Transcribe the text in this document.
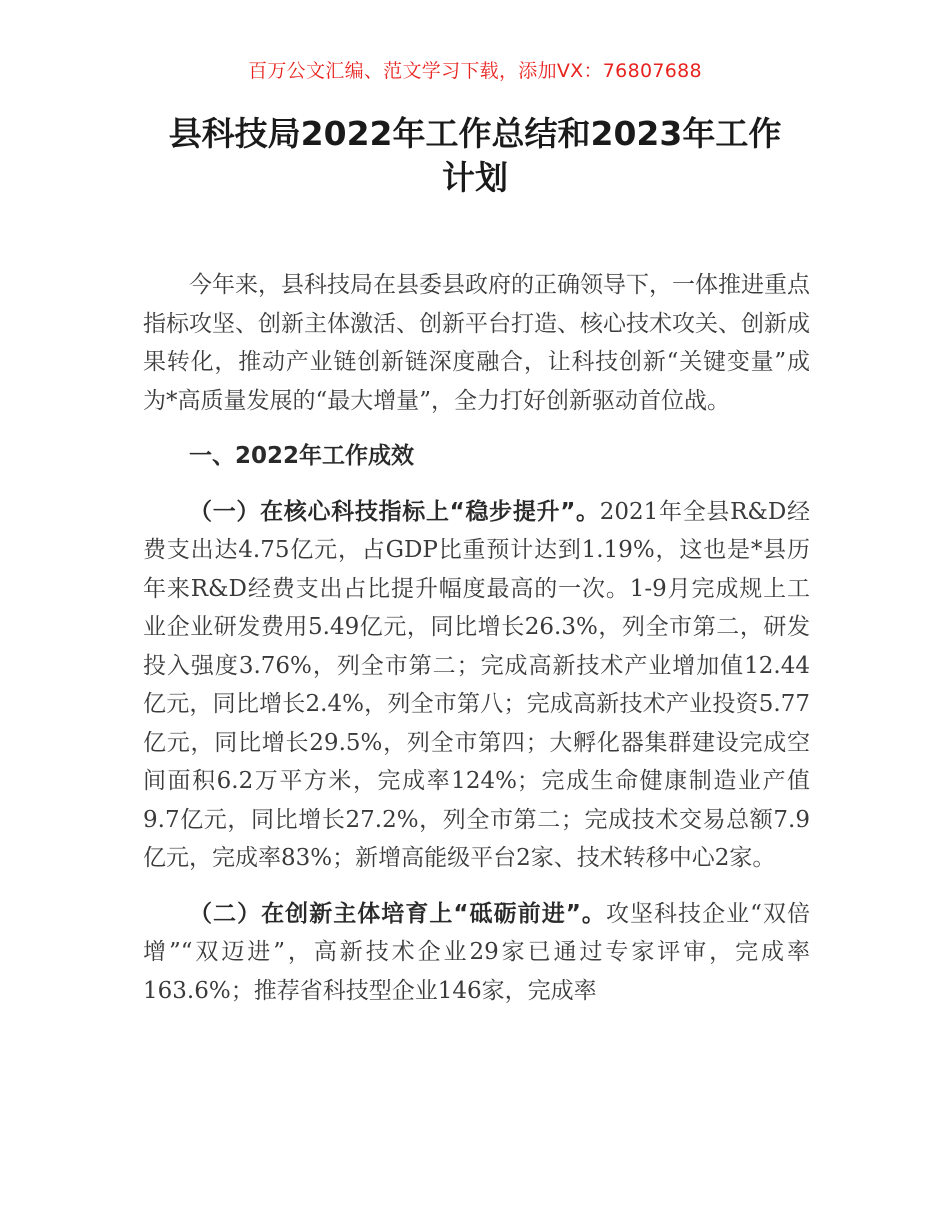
百万公文汇编、范文学习下载，添加VX：76807688
县科技局2022年工作总结和2023年工作
计划

今年来，县科技局在县委县政府的正确领导下，一体推进重点指标攻坚、创新主体激活、创新平台打造、核心技术攻关、创新成果转化，推动产业链创新链深度融合，让科技创新“关键变量”成为*高质量发展的“最大增量”，全力打好创新驱动首位战。

一、2022年工作成效

（一）在核心科技指标上“稳步提升”。2021年全县R&D经费支出达4.75亿元，占GDP比重预计达到1.19%，这也是*县历年来R&D经费支出占比提升幅度最高的一次。1-9月完成规上工业企业研发费用5.49亿元，同比增长26.3%，列全市第二，研发投入强度3.76%，列全市第二；完成高新技术产业增加值12.44亿元，同比增长2.4%，列全市第八；完成高新技术产业投资5.77亿元，同比增长29.5%，列全市第四；大孵化器集群建设完成空间面积6.2万平方米，完成率124%；完成生命健康制造业产值9.7亿元，同比增长27.2%，列全市第二；完成技术交易总额7.9亿元，完成率83%；新增高能级平台2家、技术转移中心2家。

（二）在创新主体培育上“砥砺前进”。攻坚科技企业“双倍增”“双迈进”，高新技术企业29家已通过专家评审，完成率163.6%；推荐省科技型企业146家，完成率
